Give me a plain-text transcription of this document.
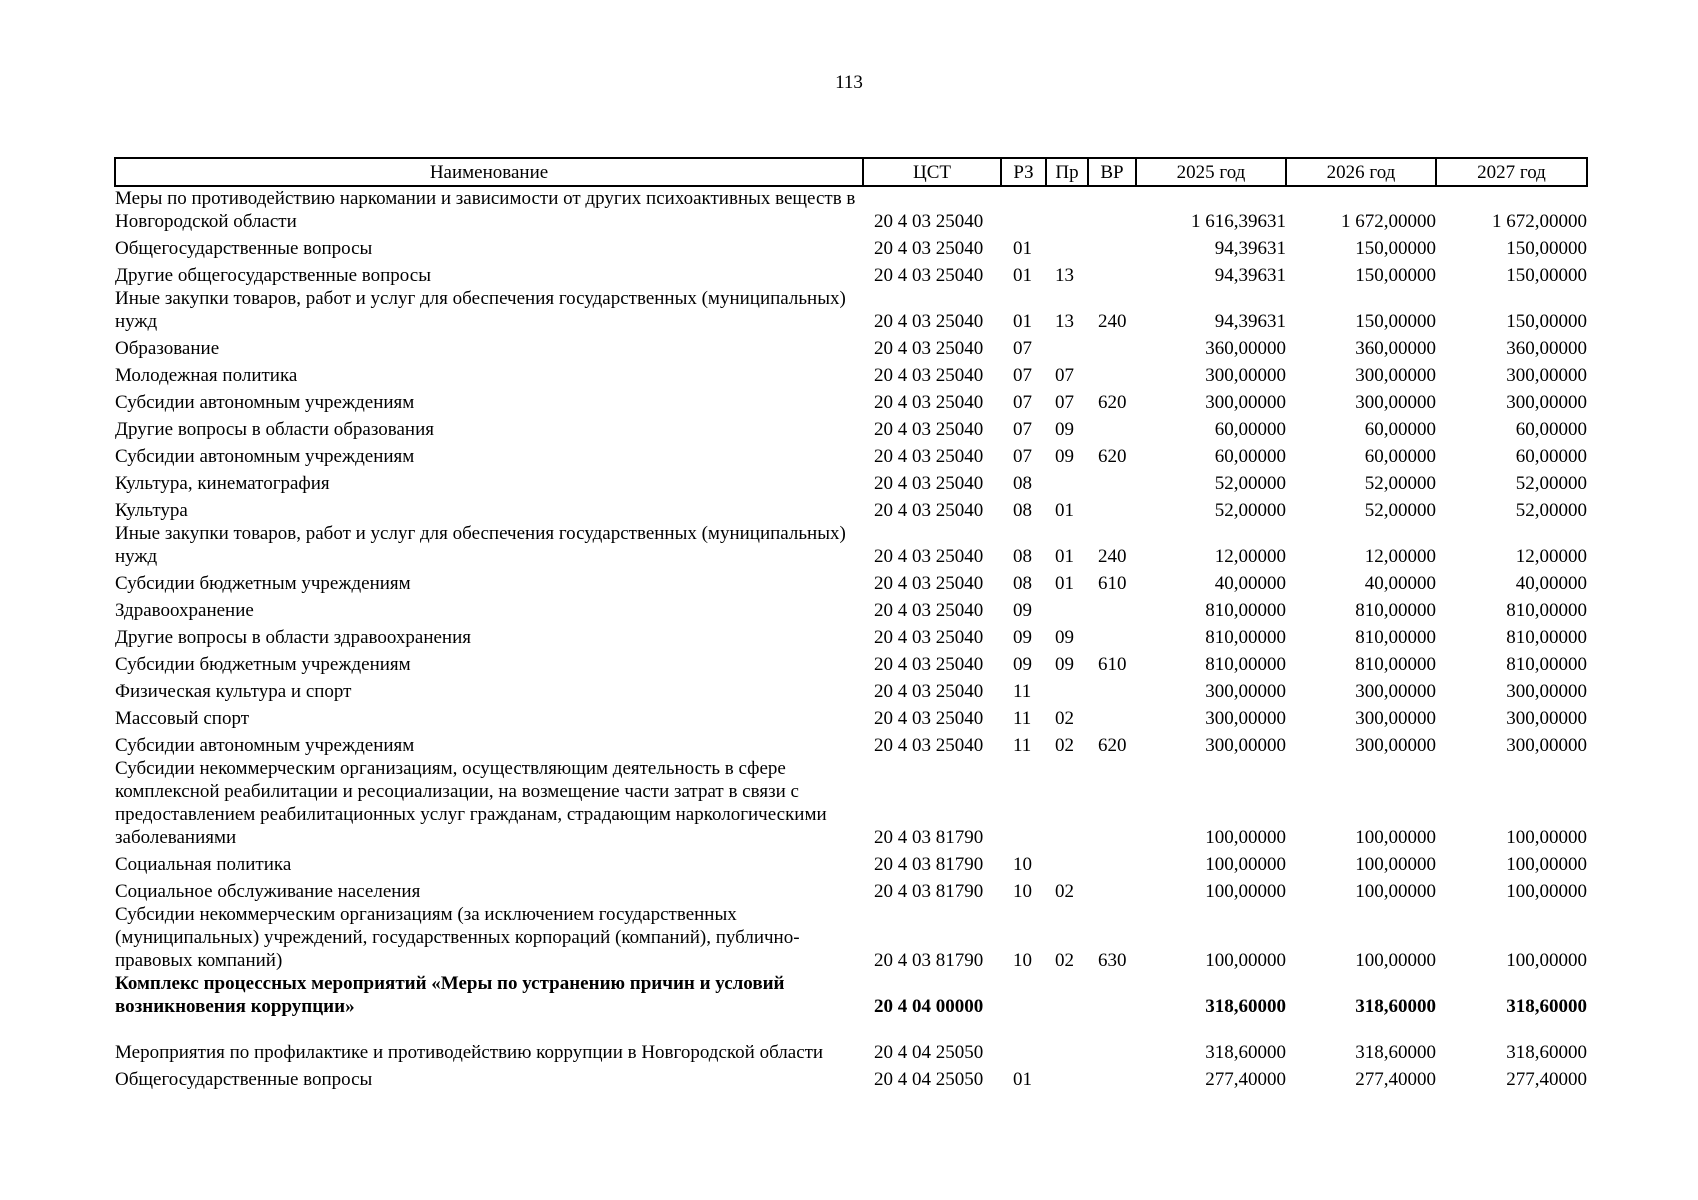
113
Наименование	ЦСТ	РЗ	Пр	ВР	2025 год	2026 год	2027 год
Меры по противодействию наркомании и зависимости от других психоактивных веществ в Новгородской области	20 4 03 25040				1 616,39631	1 672,00000	1 672,00000
Общегосударственные вопросы	20 4 03 25040	01			94,39631	150,00000	150,00000
Другие общегосударственные вопросы	20 4 03 25040	01	13		94,39631	150,00000	150,00000
Иные закупки товаров, работ и услуг для обеспечения государственных (муниципальных) нужд	20 4 03 25040	01	13	240	94,39631	150,00000	150,00000
Образование	20 4 03 25040	07			360,00000	360,00000	360,00000
Молодежная политика	20 4 03 25040	07	07		300,00000	300,00000	300,00000
Субсидии автономным учреждениям	20 4 03 25040	07	07	620	300,00000	300,00000	300,00000
Другие вопросы в области образования	20 4 03 25040	07	09		60,00000	60,00000	60,00000
Субсидии автономным учреждениям	20 4 03 25040	07	09	620	60,00000	60,00000	60,00000
Культура, кинематография	20 4 03 25040	08			52,00000	52,00000	52,00000
Культура	20 4 03 25040	08	01		52,00000	52,00000	52,00000
Иные закупки товаров, работ и услуг для обеспечения государственных (муниципальных) нужд	20 4 03 25040	08	01	240	12,00000	12,00000	12,00000
Субсидии бюджетным учреждениям	20 4 03 25040	08	01	610	40,00000	40,00000	40,00000
Здравоохранение	20 4 03 25040	09			810,00000	810,00000	810,00000
Другие вопросы в области здравоохранения	20 4 03 25040	09	09		810,00000	810,00000	810,00000
Субсидии бюджетным учреждениям	20 4 03 25040	09	09	610	810,00000	810,00000	810,00000
Физическая культура и спорт	20 4 03 25040	11			300,00000	300,00000	300,00000
Массовый спорт	20 4 03 25040	11	02		300,00000	300,00000	300,00000
Субсидии автономным учреждениям	20 4 03 25040	11	02	620	300,00000	300,00000	300,00000
Субсидии некоммерческим организациям, осуществляющим деятельность в сфере комплексной реабилитации и ресоциализации, на возмещение части затрат в связи с предоставлением реабилитационных услуг гражданам, страдающим наркологическими заболеваниями	20 4 03 81790				100,00000	100,00000	100,00000
Социальная политика	20 4 03 81790	10			100,00000	100,00000	100,00000
Социальное обслуживание населения	20 4 03 81790	10	02		100,00000	100,00000	100,00000
Субсидии некоммерческим организациям (за исключением государственных (муниципальных) учреждений, государственных корпораций (компаний), публично-правовых компаний)	20 4 03 81790	10	02	630	100,00000	100,00000	100,00000
Комплекс процессных мероприятий «Меры по устранению причин и условий возникновения коррупции»	20 4 04 00000				318,60000	318,60000	318,60000
Мероприятия по профилактике и противодействию коррупции в Новгородской области	20 4 04 25050				318,60000	318,60000	318,60000
Общегосударственные вопросы	20 4 04 25050	01			277,40000	277,40000	277,40000
